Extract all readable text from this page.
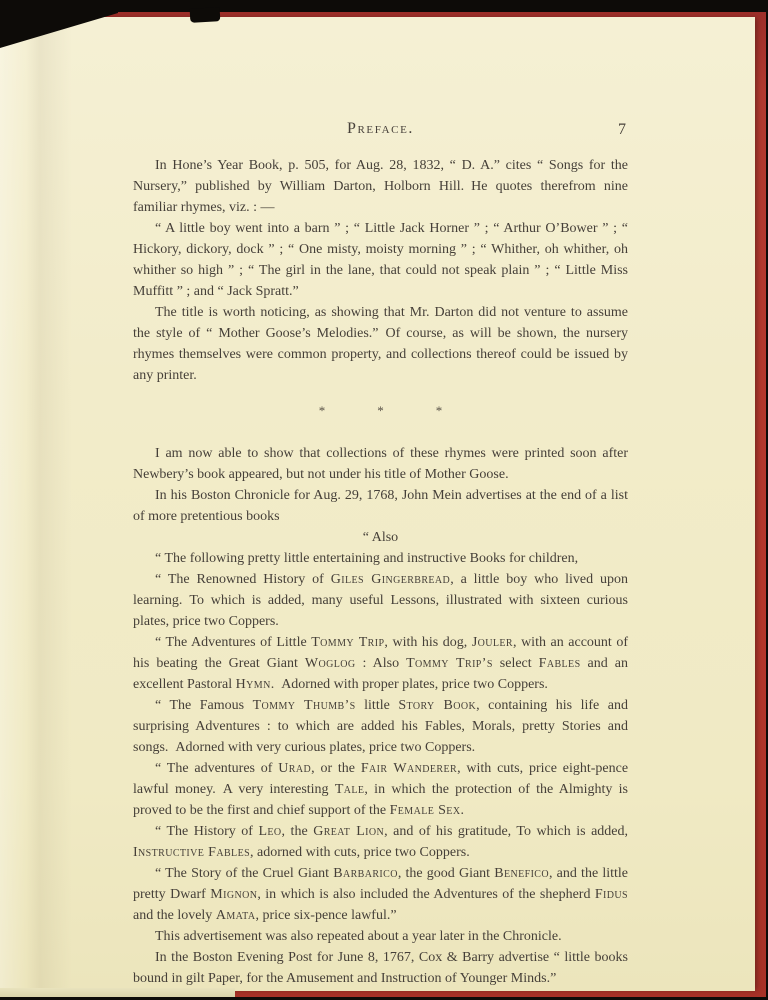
Preface.	7

In Hone’s Year Book, p. 505, for Aug. 28, 1832, “ D. A.” cites “ Songs for the Nursery,” published by William Darton, Holborn Hill. He quotes therefrom nine familiar rhymes, viz. : —

“ A little boy went into a barn ” ; “ Little Jack Horner ” ; “ Arthur O’Bower ” ; “ Hickory, dickory, dock ” ; “ One misty, moisty morning ” ; “ Whither, oh whither, oh whither so high ” ; “ The girl in the lane, that could not speak plain ” ; “ Little Miss Muffitt ” ; and “ Jack Spratt.”

The title is worth noticing, as showing that Mr. Darton did not venture to assume the style of “ Mother Goose’s Melodies.” Of course, as will be shown, the nursery rhymes themselves were common property, and collections thereof could be issued by any printer.

*	*	*

I am now able to show that collections of these rhymes were printed soon after Newbery’s book appeared, but not under his title of Mother Goose.

In his Boston Chronicle for Aug. 29, 1768, John Mein advertises at the end of a list of more pretentious books

“ Also

“ The following pretty little entertaining and instructive Books for children,

“ The Renowned History of Giles Gingerbread, a little boy who lived upon learning. To which is added, many useful Lessons, illustrated with sixteen curious plates, price two Coppers.

“ The Adventures of Little Tommy Trip, with his dog, Jouler, with an account of his beating the Great Giant Woglog : Also Tommy Trip’s select Fables and an excellent Pastoral Hymn. Adorned with proper plates, price two Coppers.

“ The Famous Tommy Thumb’s little Story Book, containing his life and surprising Adventures : to which are added his Fables, Morals, pretty Stories and songs. Adorned with very curious plates, price two Coppers.

“ The adventures of Urad, or the Fair Wanderer, with cuts, price eight-pence lawful money. A very interesting Tale, in which the protection of the Almighty is proved to be the first and chief support of the Female Sex.

“ The History of Leo, the Great Lion, and of his gratitude, To which is added, Instructive Fables, adorned with cuts, price two Coppers.

“ The Story of the Cruel Giant Barbarico, the good Giant Benefico, and the little pretty Dwarf Mignon, in which is also included the Adventures of the shepherd Fidus and the lovely Amata, price six-pence lawful.”

This advertisement was also repeated about a year later in the Chronicle.

In the Boston Evening Post for June 8, 1767, Cox & Barry advertise “ little books bound in gilt Paper, for the Amusement and Instruction of Younger Minds.”
